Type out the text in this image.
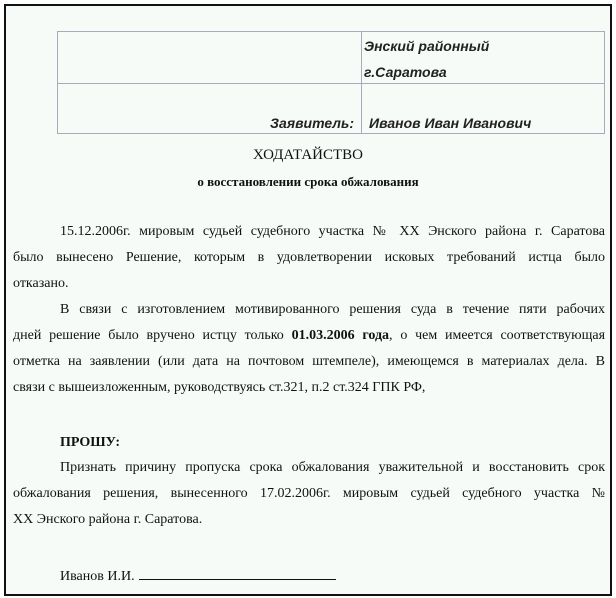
Энский районный
г.Саратова
Заявитель: Иванов Иван Иванович
ХОДАТАЙСТВО
о восстановлении срока обжалования
15.12.2006г. мировым судьей судебного участка № XX Энского района г. Саратова
было вынесено Решение, которым в удовлетворении исковых требований истца было
отказано.
В связи с изготовлением мотивированного решения суда в течение пяти рабочих
дней решение было вручено истцу только 01.03.2006 года, о чем имеется соответствующая
отметка на заявлении (или дата на почтовом штемпеле), имеющемся в материалах дела. В
связи с вышеизложенным, руководствуясь ст.321, п.2 ст.324 ГПК РФ,
ПРОШУ:
Признать причину пропуска срока обжалования уважительной и восстановить срок
обжалования решения, вынесенного 17.02.2006г. мировым судьей судебного участка №
XX Энского района г. Саратова.
Иванов И.И.
